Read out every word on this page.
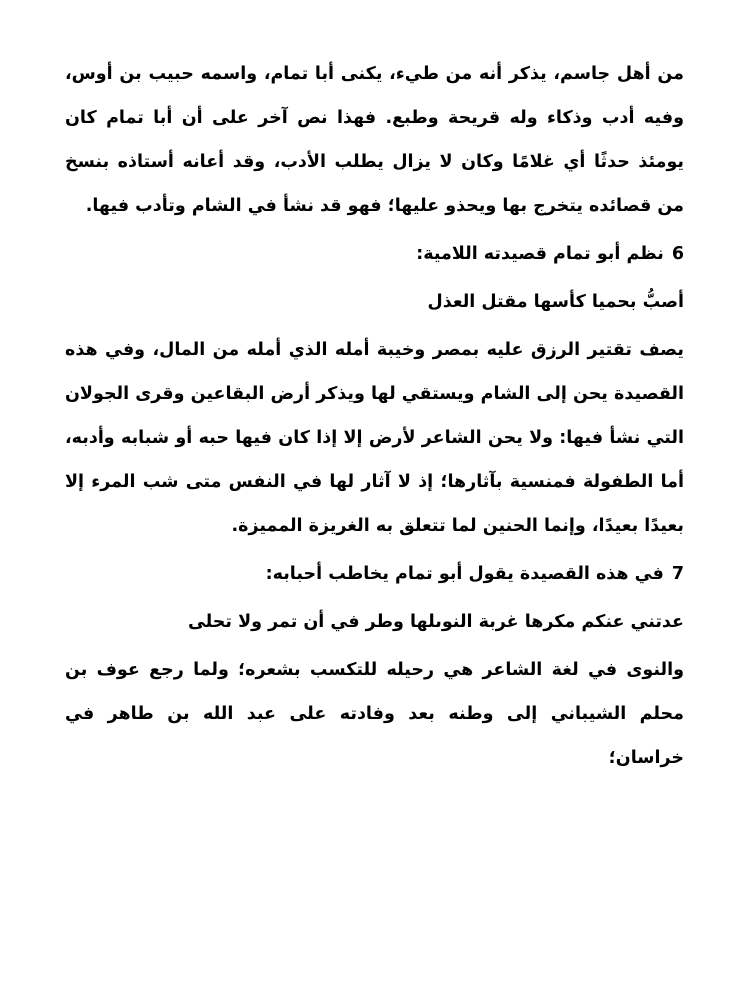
من أهل جاسم، يذكر أنه من طيء، يكنى أبا تمام، واسمه حبيب بن أوس، وفيه أدب وذكاء وله قريحة وطبع. فهذا نص آخر على أن أبا تمام كان يومئذ حدثًا أي غلامًا وكان لا يزال يطلب الأدب، وقد أعانه أستاذه بنسخ من قصائده يتخرج بها ويحذو عليها؛ فهو قد نشأ في الشام وتأدب فيها.

6نظم أبو تمام قصيدته اللامية:

أصبُّ بحميا كأسها مقتل العذل

يصف تقتير الرزق عليه بمصر وخيبة أمله الذي أمله من المال، وفي هذه القصيدة يحن إلى الشام ويستقي لها ويذكر أرض البقاعين وقرى الجولان التي نشأ فيها: ولا يحن الشاعر لأرض إلا إذا كان فيها حبه أو شبابه وأدبه، أما الطفولة فمنسية بآثارها؛ إذ لا آثار لها في النفس متى شب المرء إلا بعيدًا بعيدًا، وإنما الحنين لما تتعلق به الغريزة المميزة.

7في هذه القصيدة يقول أبو تمام يخاطب أحبابه:

عدتني عنكم مكرها غربة النوىلها وطر في أن تمر ولا تحلى

والنوى في لغة الشاعر هي رحيله للتكسب بشعره؛ ولما رجع عوف بن محلم الشيباني إلى وطنه بعد وفادته على عبد الله بن طاهر في خراسان؛
